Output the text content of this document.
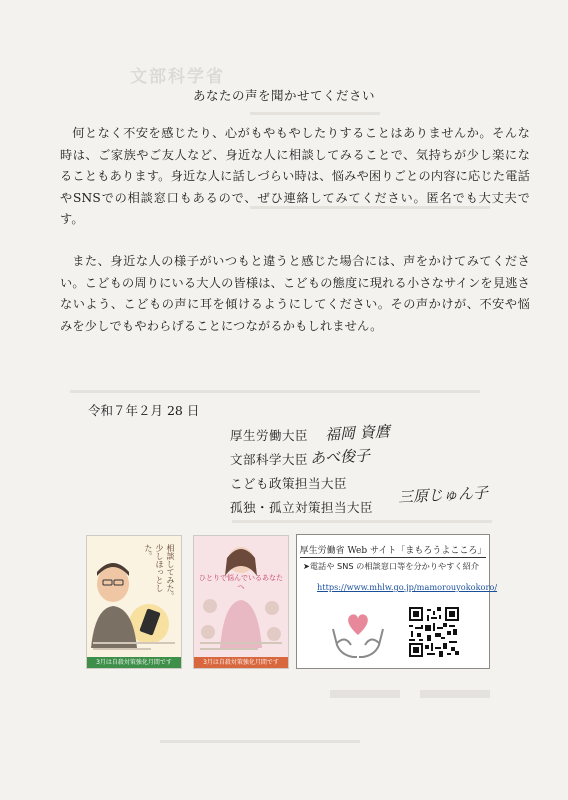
文部科学省
あなたの声を聞かせてください
何となく不安を感じたり、心がもやもやしたりすることはありませんか。そんな時は、ご家族やご友人など、身近な人に相談してみることで、気持ちが少し楽になることもあります。身近な人に話しづらい時は、悩みや困りごとの内容に応じた電話やSNSでの相談窓口もあるので、ぜひ連絡してみてください。匿名でも大丈夫です。
また、身近な人の様子がいつもと違うと感じた場合には、声をかけてみてください。こどもの周りにいる大人の皆様は、こどもの態度に現れる小さなサインを見逃さないよう、こどもの声に耳を傾けるようにしてください。その声かけが、不安や悩みを少しでもやわらげることにつながるかもしれません。
令和７年２月 28 日
厚生労働大臣 福岡 資麿
文部科学大臣 あべ俊子
こども政策担当大臣
孤独・孤立対策担当大臣
三原じゅん子
相談してみた。少しほっとした。
3月は自殺対策強化月間です
ひとりで悩んでいるあなたへ
3月は自殺対策強化月間です
厚生労働省 Web サイト「まもろうよこころ」
➤電話や SNS の相談窓口等を分かりやすく紹介
https://www.mhlw.go.jp/mamorouyokokoro/
